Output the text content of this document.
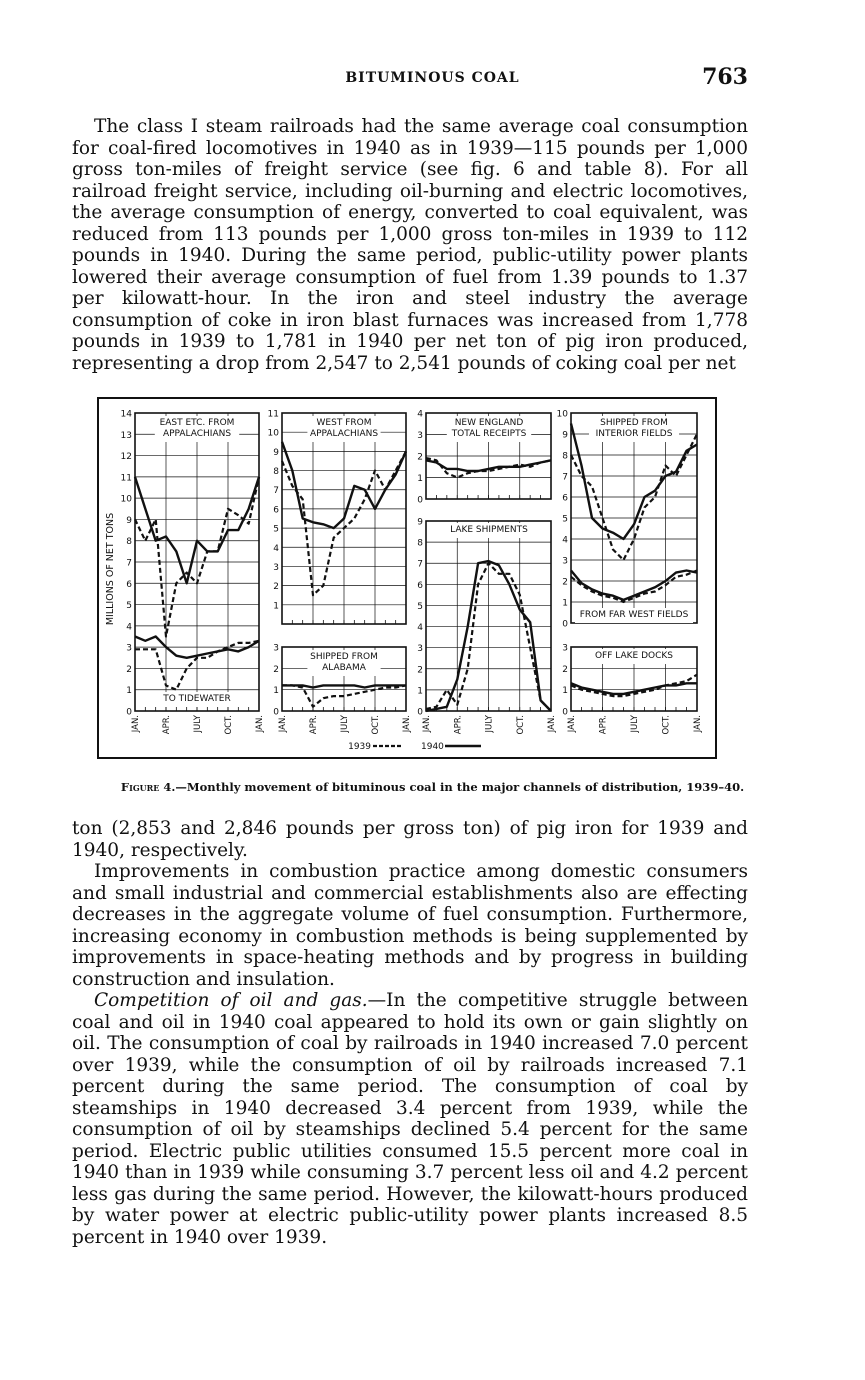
BITUMINOUS COAL	763

The class I steam railroads had the same average coal consumption for coal-fired locomotives in 1940 as in 1939—115 pounds per 1,000 gross ton-miles of freight service (see fig. 6 and table 8). For all railroad freight service, including oil-burning and electric locomotives, the average consumption of energy, converted to coal equivalent, was reduced from 113 pounds per 1,000 gross ton-miles in 1939 to 112 pounds in 1940. During the same period, public-utility power plants lowered their average consumption of fuel from 1.39 pounds to 1.37 per kilowatt-hour. In the iron and steel industry the average consumption of coke in iron blast furnaces was increased from 1,778 pounds in 1939 to 1,781 in 1940 per net ton of pig iron produced, representing a drop from 2,547 to 2,541 pounds of coking coal per net

0
1
2
3
4
5
6
7
8
9
10
11
12
13
14
1
2
3
4
5
6
7
8
9
10
11
0
1
2
3
0
1
2
3
4
0
1
2
3
4
5
6
7
8
9
0
1
2
3
4
5
6
7
8
9
10
0
1
2
3
EAST ETC. FROM
APPALACHIANS
TO TIDEWATER
WEST FROM
APPALACHIANS
SHIPPED FROM
ALABAMA
NEW ENGLAND
TOTAL RECEIPTS
LAKE SHIPMENTS
SHIPPED FROM
INTERIOR FIELDS
FROM FAR WEST FIELDS
OFF LAKE DOCKS
MILLIONS OF NET TONS
JAN. APR. JULY OCT. JAN. JAN. APR. JULY OCT. JAN. JAN.	APR.	JULY	OCT.	JAN. JAN.	APR.	JULY	OCT.	JAN.
1939	1940
Figure 4.—Monthly movement of bituminous coal in the major channels of distribution, 1939–40.

ton (2,853 and 2,846 pounds per gross ton) of pig iron for 1939 and 1940, respectively.

Improvements in combustion practice among domestic consumers and small industrial and commercial establishments also are effecting decreases in the aggregate volume of fuel consumption. Furthermore, increasing economy in combustion methods is being supplemented by improvements in space-heating methods and by progress in building construction and insulation.

Competition of oil and gas.—In the competitive struggle between coal and oil in 1940 coal appeared to hold its own or gain slightly on oil. The consumption of coal by railroads in 1940 increased 7.0 percent over 1939, while the consumption of oil by railroads increased 7.1 percent during the same period. The consumption of coal by steamships in 1940 decreased 3.4 percent from 1939, while the consumption of oil by steamships declined 5.4 percent for the same period. Electric public utilities consumed 15.5 percent more coal in 1940 than in 1939 while consuming 3.7 percent less oil and 4.2 percent less gas during the same period. However, the kilowatt-hours produced by water power at electric public-utility power plants increased 8.5 percent in 1940 over 1939.
